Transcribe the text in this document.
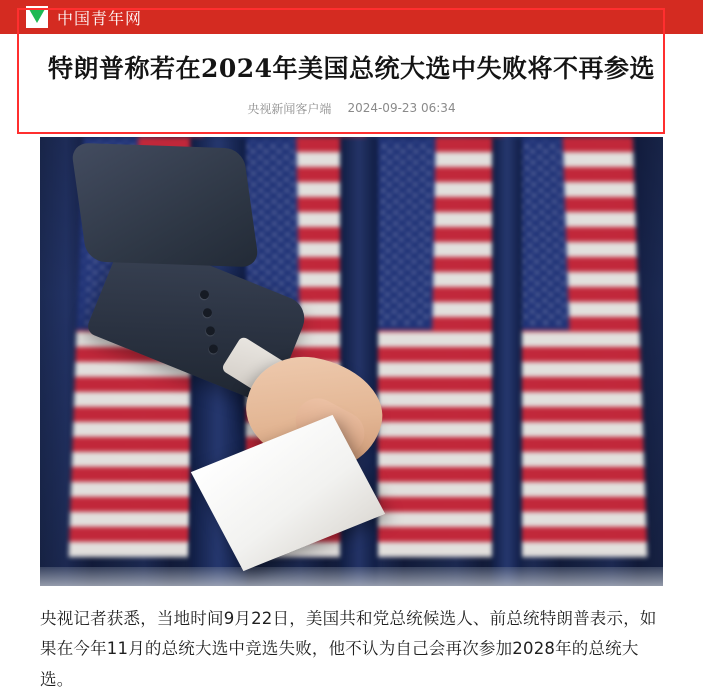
中国青年网
特朗普称若在2024年美国总统大选中失败将不再参选
央视新闻客户端 2024-09-23 06:34

央视记者获悉，当地时间9月22日，美国共和党总统候选人、前总统特朗普表示，如果在今年11月的总统大选中竞选失败，他不认为自己会再次参加2028年的总统大选。
